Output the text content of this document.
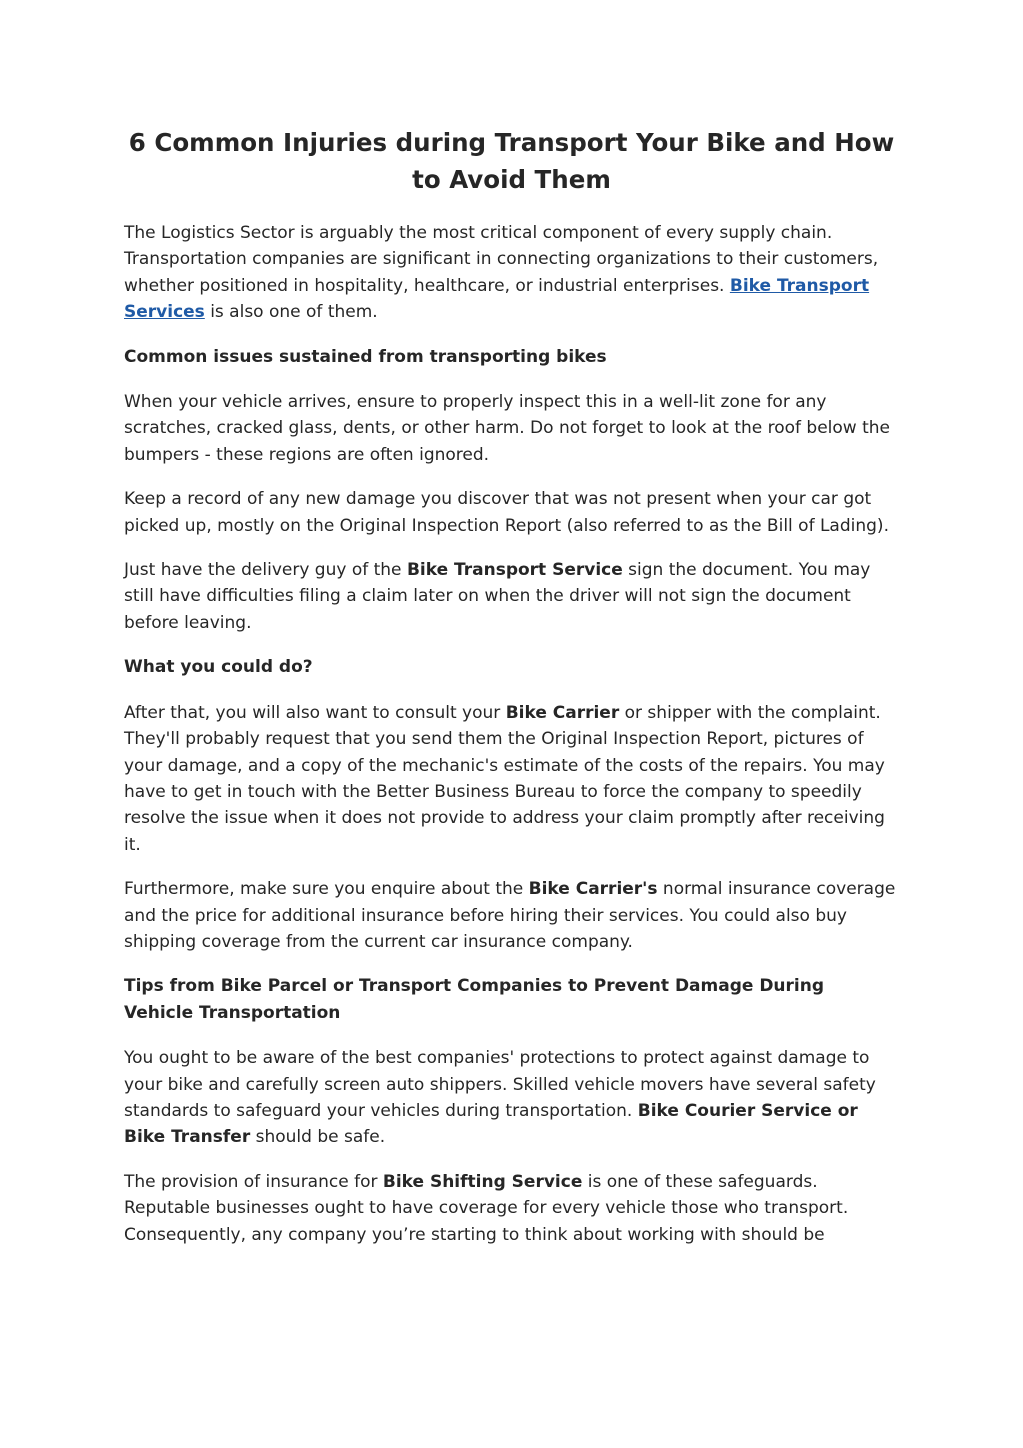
6 Common Injuries during Transport Your Bike and How to Avoid Them

The Logistics Sector is arguably the most critical component of every supply chain. Transportation companies are significant in connecting organizations to their customers, whether positioned in hospitality, healthcare, or industrial enterprises. Bike Transport Services is also one of them.

Common issues sustained from transporting bikes

When your vehicle arrives, ensure to properly inspect this in a well-lit zone for any scratches, cracked glass, dents, or other harm. Do not forget to look at the roof below the bumpers - these regions are often ignored.

Keep a record of any new damage you discover that was not present when your car got picked up, mostly on the Original Inspection Report (also referred to as the Bill of Lading).

Just have the delivery guy of the Bike Transport Service sign the document. You may still have difficulties filing a claim later on when the driver will not sign the document before leaving.

What you could do?

After that, you will also want to consult your Bike Carrier or shipper with the complaint. They'll probably request that you send them the Original Inspection Report, pictures of your damage, and a copy of the mechanic's estimate of the costs of the repairs. You may have to get in touch with the Better Business Bureau to force the company to speedily resolve the issue when it does not provide to address your claim promptly after receiving it.

Furthermore, make sure you enquire about the Bike Carrier's normal insurance coverage and the price for additional insurance before hiring their services. You could also buy shipping coverage from the current car insurance company.

Tips from Bike Parcel or Transport Companies to Prevent Damage During Vehicle Transportation

You ought to be aware of the best companies' protections to protect against damage to your bike and carefully screen auto shippers. Skilled vehicle movers have several safety standards to safeguard your vehicles during transportation. Bike Courier Service or Bike Transfer should be safe.

The provision of insurance for Bike Shifting Service is one of these safeguards. Reputable businesses ought to have coverage for every vehicle those who transport. Consequently, any company you’re starting to think about working with should be
